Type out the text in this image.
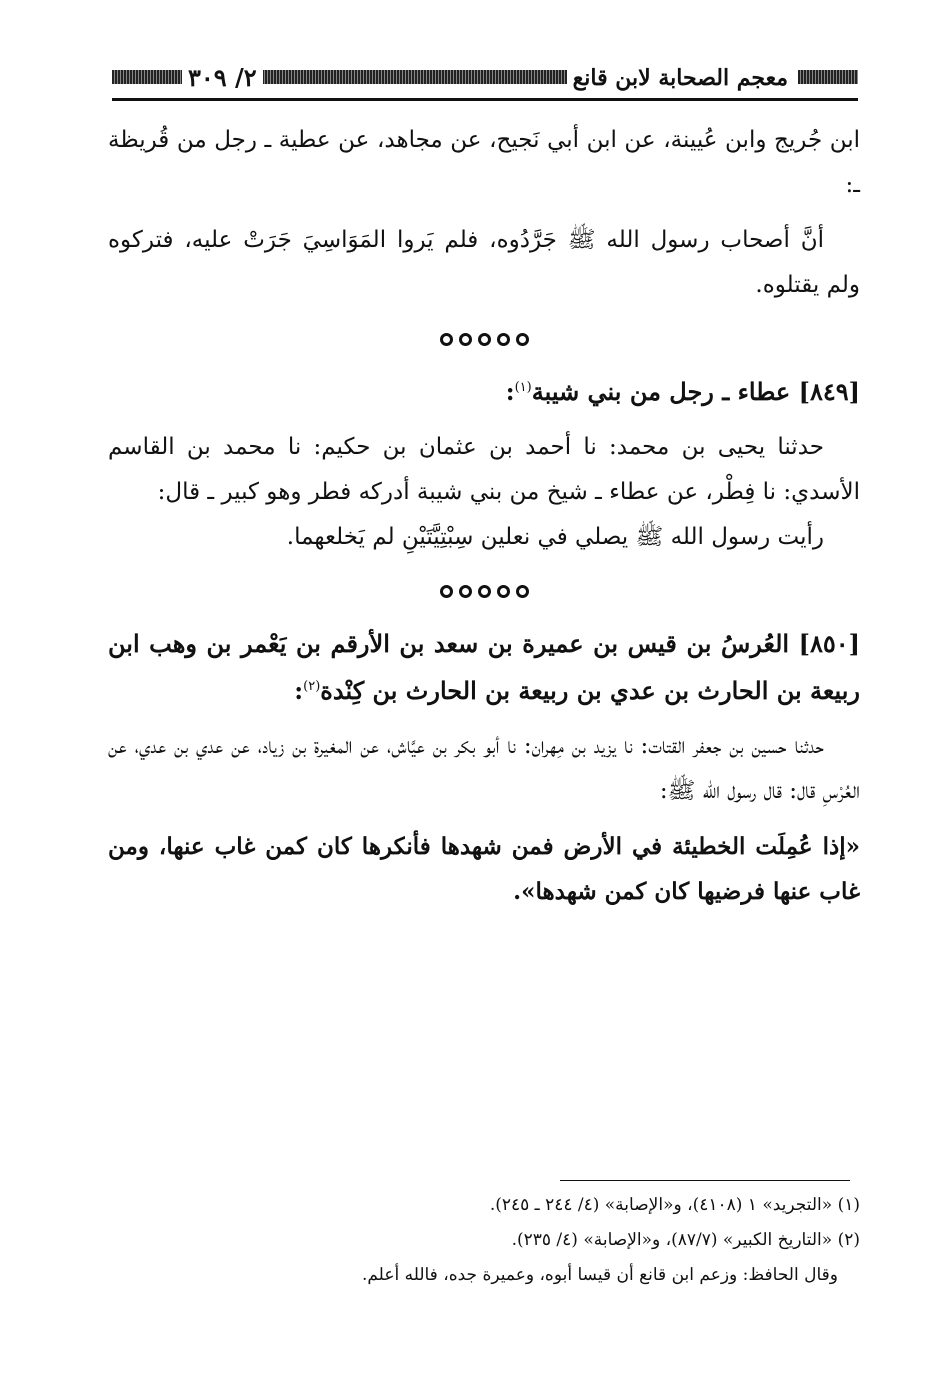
معجم الصحابة لابن قانع
٢/ ٣٠٩

ابن جُريج وابن عُيينة، عن ابن أبي نَجيح، عن مجاهد، عن عطية ـ رجل من قُريظة ـ:

أنَّ أصحاب رسول الله ﷺ جَرَّدُوه، فلم يَروا المَوَاسِيَ جَرَتْ عليه، فتركوه ولم يقتلوه.

[٨٤٩] عطاء ـ رجل من بني شيبة$^{(١)}$:

حدثنا يحيى بن محمد: نا أحمد بن عثمان بن حكيم: نا محمد بن القاسم الأسدي: نا فِطْر، عن عطاء ـ شيخ من بني شيبة أدركه فطر وهو كبير ـ قال:

رأيت رسول الله ﷺ يصلي في نعلين سِبْتِيَّتَيْنِ لم يَخلعهما.

[٨٥٠] العُرسُ بن قيس بن عميرة بن سعد بن الأرقم بن يَعْمر بن وهب ابن ربيعة بن الحارث بن عدي بن ربيعة بن الحارث بن كِنْدة$^{(٢)}$:

حدثنا حسين بن جعفر القتات: نا يزيد بن مِهران: نا أبو بكر بن عيَّاش، عن المغيرة بن زياد، عن عدي بن عدي، عن العُرْسِ قال: قال رسول الله ﷺ:

«إذا عُمِلَت الخطيئة في الأرض فمن شهدها فأنكرها كان كمن غاب عنها، ومن غاب عنها فرضيها كان كمن شهدها».

(١) «التجريد» ١ (٤١٠٨)، و«الإصابة» (٤/ ٢٤٤ ـ ٢٤٥).

(٢) «التاريخ الكبير» (٨٧/٧)، و«الإصابة» (٤/ ٢٣٥).

وقال الحافظ: وزعم ابن قانع أن قيسا أبوه، وعميرة جده، فالله أعلم.
